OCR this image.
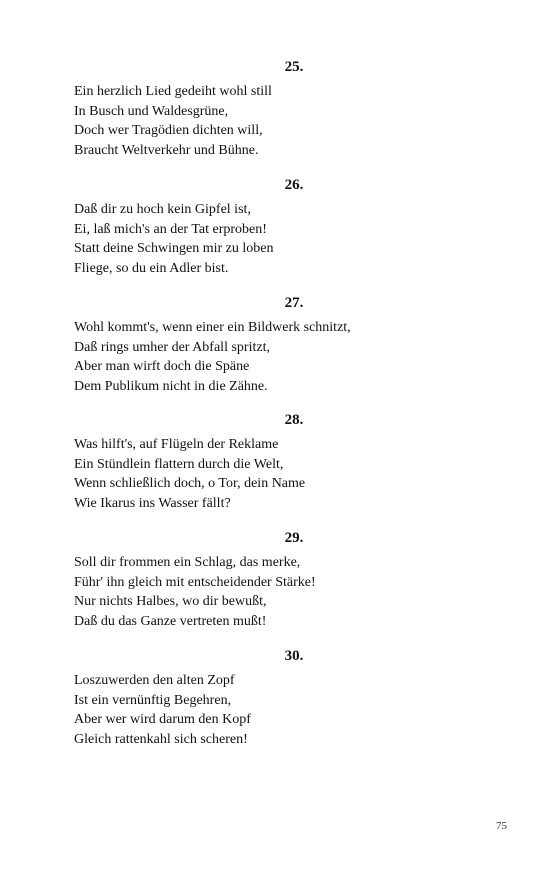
25.
Ein herzlich Lied gedeiht wohl still
In Busch und Waldesgrüne,
Doch wer Tragödien dichten will,
Braucht Weltverkehr und Bühne.
26.
Daß dir zu hoch kein Gipfel ist,
Ei, laß mich's an der Tat erproben!
Statt deine Schwingen mir zu loben
Fliege, so du ein Adler bist.
27.
Wohl kommt's, wenn einer ein Bildwerk schnitzt,
Daß rings umher der Abfall spritzt,
Aber man wirft doch die Späne
Dem Publikum nicht in die Zähne.
28.
Was hilft's, auf Flügeln der Reklame
Ein Stündlein flattern durch die Welt,
Wenn schließlich doch, o Tor, dein Name
Wie Ikarus ins Wasser fällt?
29.
Soll dir frommen ein Schlag, das merke,
Führ' ihn gleich mit entscheidender Stärke!
Nur nichts Halbes, wo dir bewußt,
Daß du das Ganze vertreten mußt!
30.
Loszuwerden den alten Zopf
Ist ein vernünftig Begehren,
Aber wer wird darum den Kopf
Gleich rattenkahl sich scheren!
75
